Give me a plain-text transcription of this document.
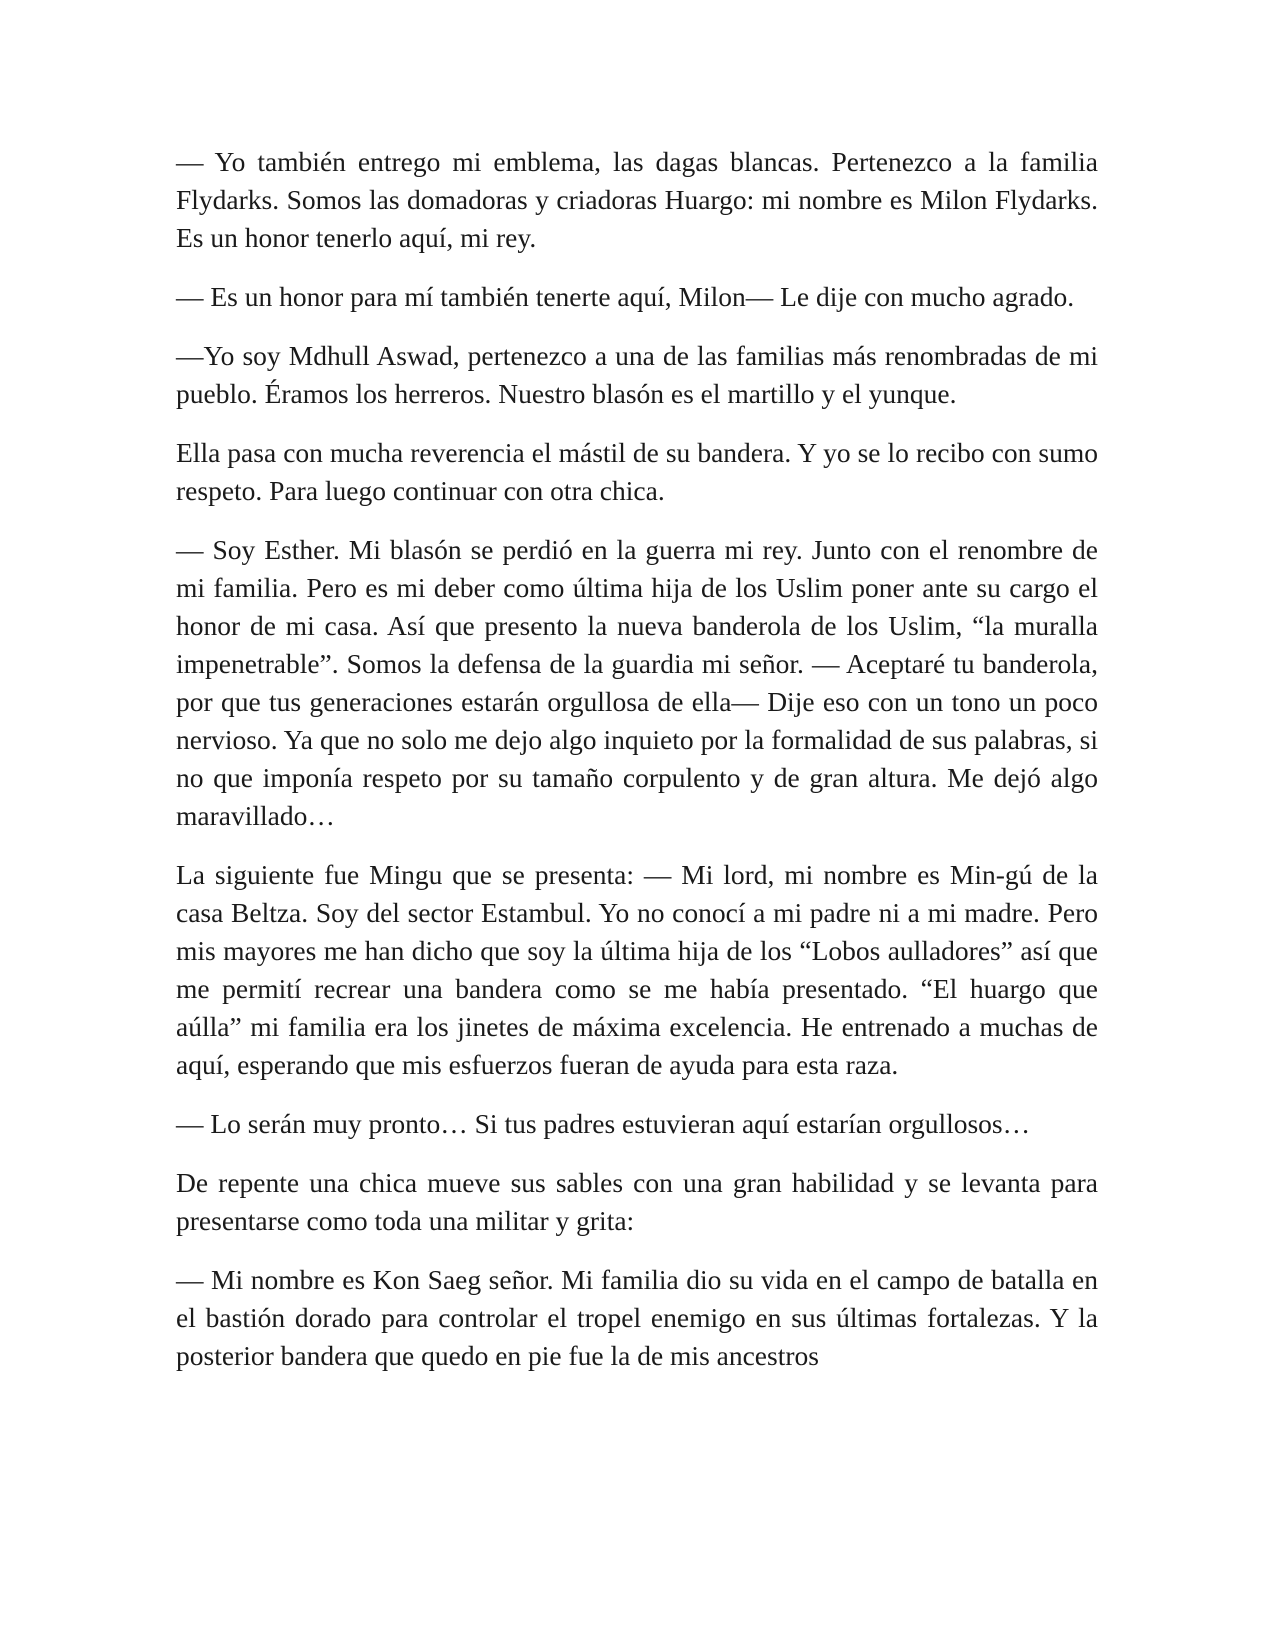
— Yo también entrego mi emblema, las dagas blancas. Pertenezco a la familia Flydarks. Somos las domadoras y criadoras Huargo: mi nombre es Milon Flydarks. Es un honor tenerlo aquí, mi rey.

— Es un honor para mí también tenerte aquí, Milon— Le dije con mucho agrado.

—Yo soy Mdhull Aswad, pertenezco a una de las familias más renombradas de mi pueblo. Éramos los herreros. Nuestro blasón es el martillo y el yunque.

Ella pasa con mucha reverencia el mástil de su bandera. Y yo se lo recibo con sumo respeto. Para luego continuar con otra chica.

— Soy Esther. Mi blasón se perdió en la guerra mi rey. Junto con el renombre de mi familia. Pero es mi deber como última hija de los Uslim poner ante su cargo el honor de mi casa. Así que presento la nueva banderola de los Uslim, “la muralla impenetrable”. Somos la defensa de la guardia mi señor. — Aceptaré tu banderola, por que tus generaciones estarán orgullosa de ella— Dije eso con un tono un poco nervioso. Ya que no solo me dejo algo inquieto por la formalidad de sus palabras, si no que imponía respeto por su tamaño corpulento y de gran altura. Me dejó algo maravillado…

La siguiente fue Mingu que se presenta: — Mi lord, mi nombre es Min-gú de la casa Beltza. Soy del sector Estambul. Yo no conocí a mi padre ni a mi madre. Pero mis mayores me han dicho que soy la última hija de los “Lobos aulladores” así que me permití recrear una bandera como se me había presentado. “El huargo que aúlla” mi familia era los jinetes de máxima excelencia. He entrenado a muchas de aquí, esperando que mis esfuerzos fueran de ayuda para esta raza.

— Lo serán muy pronto… Si tus padres estuvieran aquí estarían orgullosos…

De repente una chica mueve sus sables con una gran habilidad y se levanta para presentarse como toda una militar y grita:

— Mi nombre es Kon Saeg señor. Mi familia dio su vida en el campo de batalla en el bastión dorado para controlar el tropel enemigo en sus últimas fortalezas. Y la posterior bandera que quedo en pie fue la de mis ancestros
